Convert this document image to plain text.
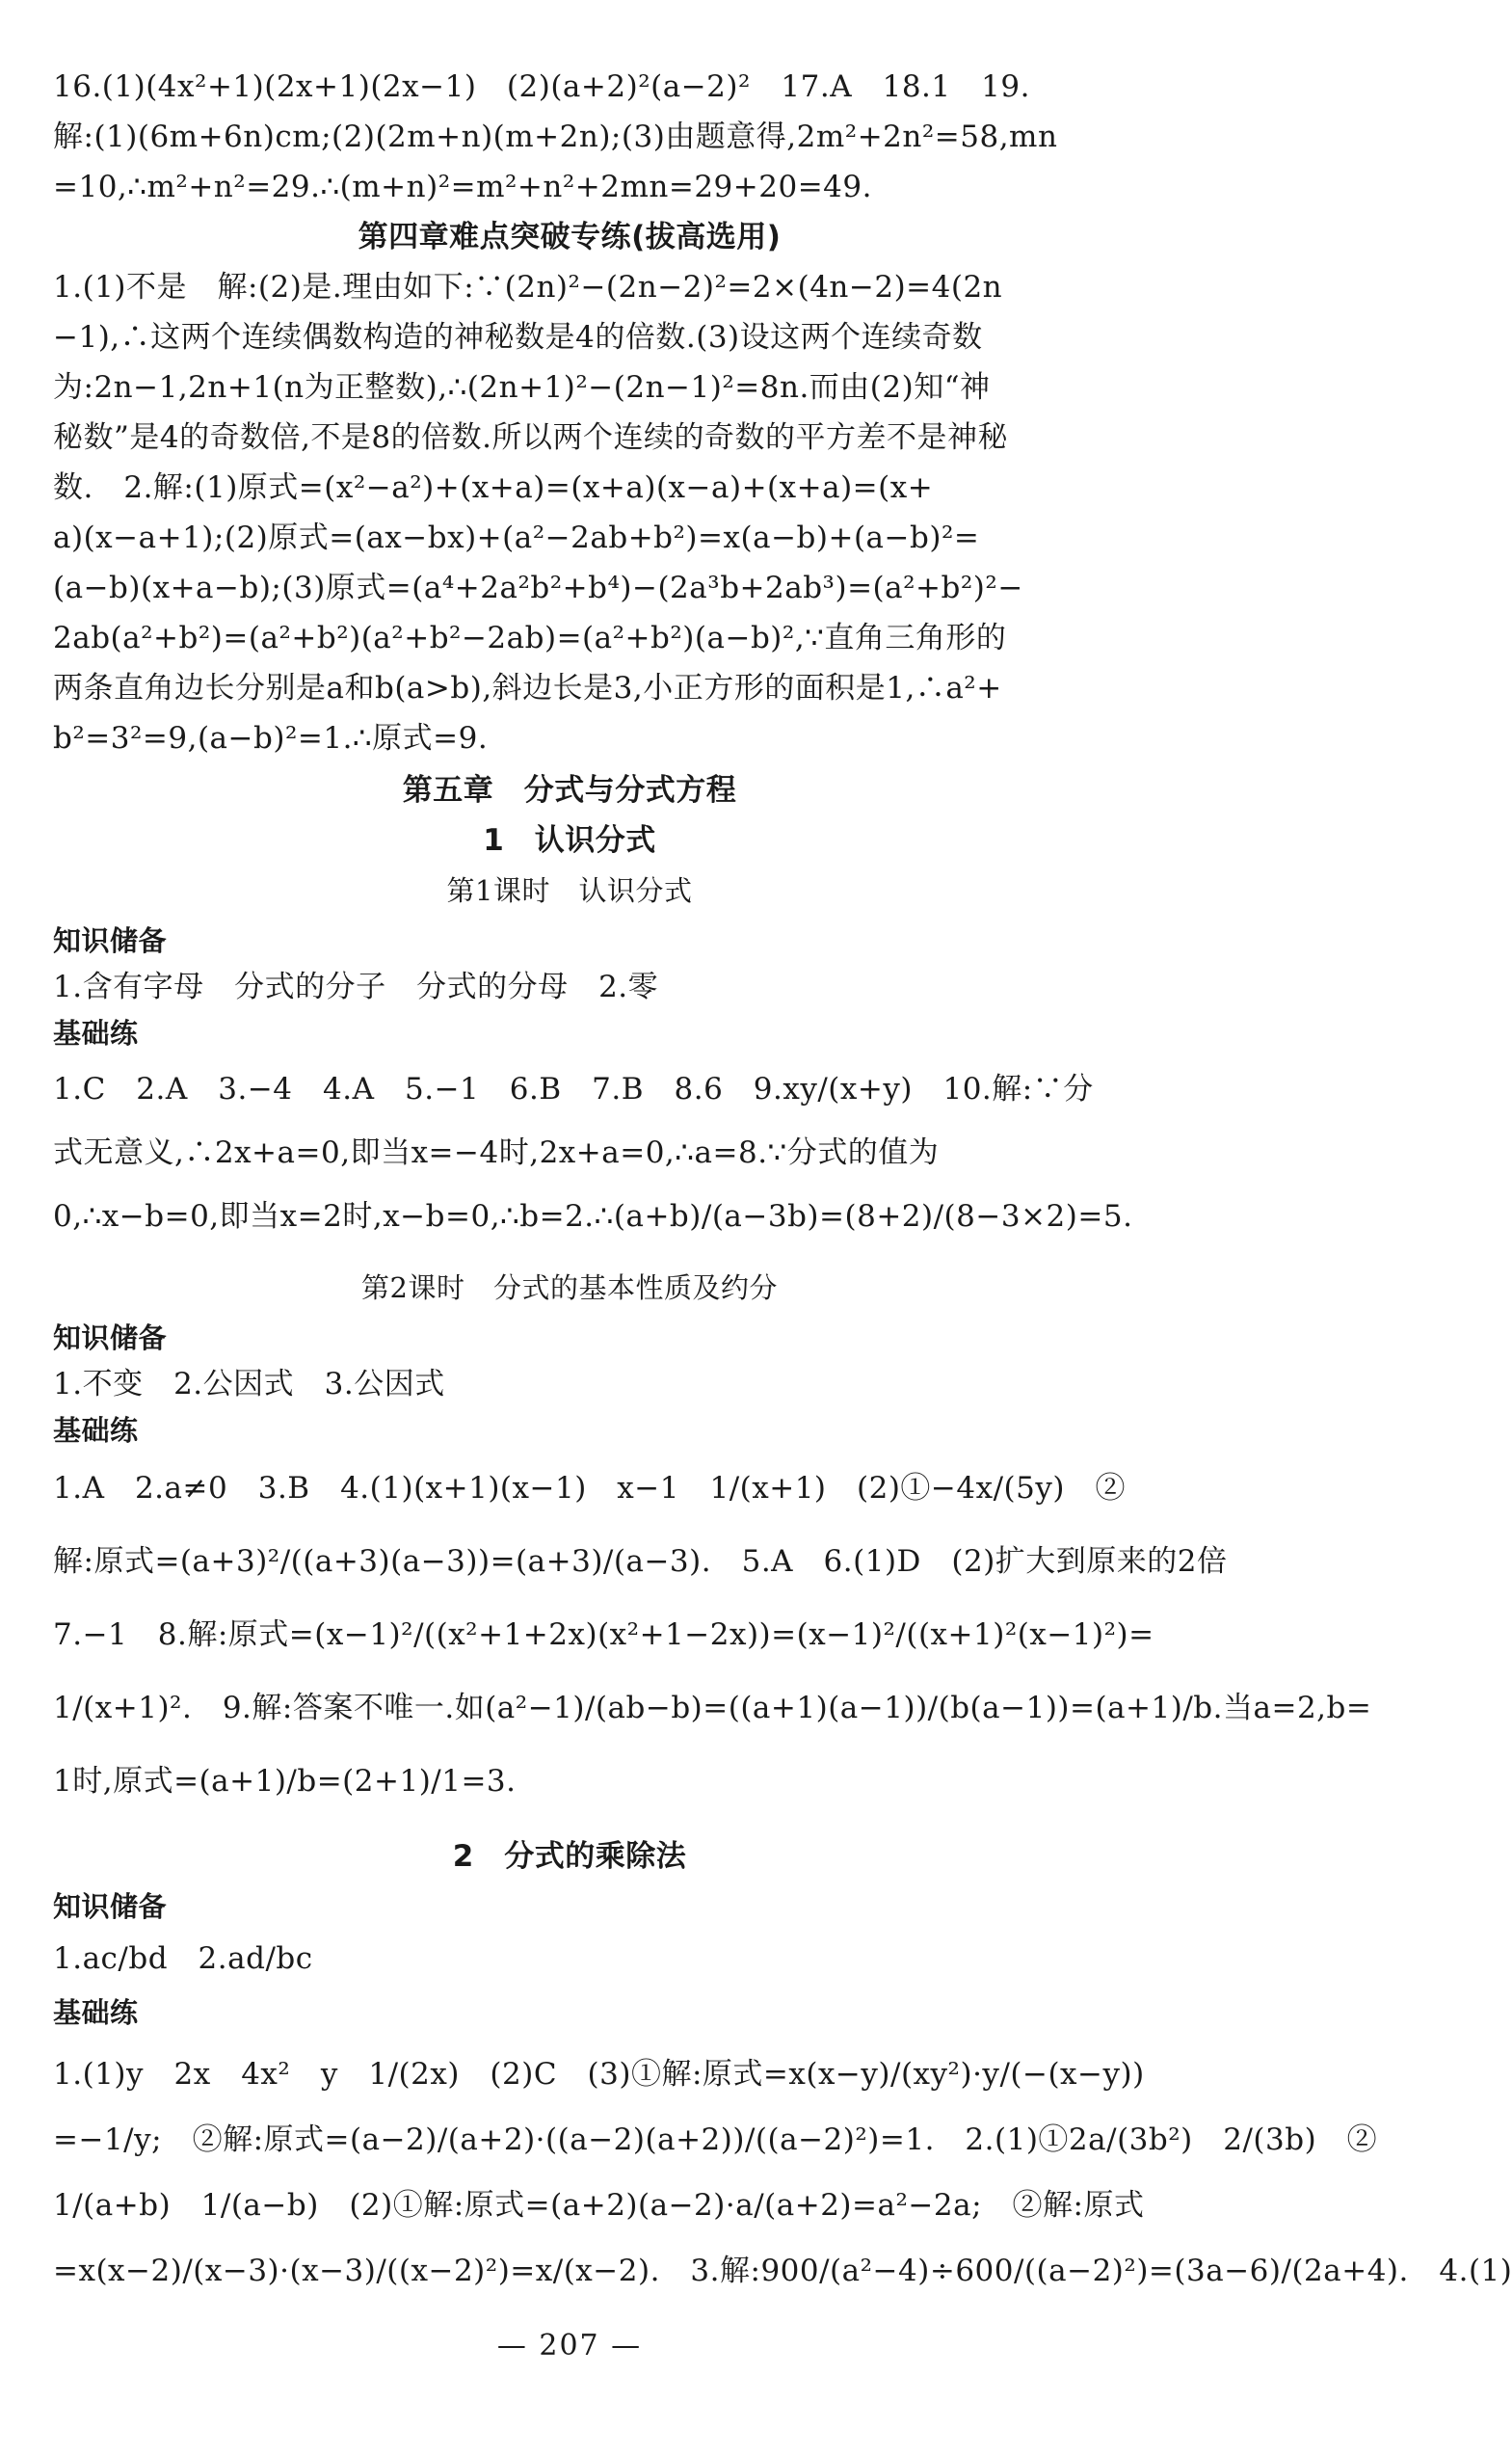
16.(1)(4x²+1)(2x+1)(2x−1)　(2)(a+2)²(a−2)²　17.A　18.1　19.
解:(1)(6m+6n)cm;(2)(2m+n)(m+2n);(3)由题意得,2m²+2n²=58,mn
=10,∴m²+n²=29.∴(m+n)²=m²+n²+2mn=29+20=49.
第四章难点突破专练(拔高选用)
1.(1)不是　解:(2)是.理由如下:∵(2n)²−(2n−2)²=2×(4n−2)=4(2n
−1),∴这两个连续偶数构造的神秘数是4的倍数.(3)设这两个连续奇数
为:2n−1,2n+1(n为正整数),∴(2n+1)²−(2n−1)²=8n.而由(2)知“神
秘数”是4的奇数倍,不是8的倍数.所以两个连续的奇数的平方差不是神秘
数.　2.解:(1)原式=(x²−a²)+(x+a)=(x+a)(x−a)+(x+a)=(x+
a)(x−a+1);(2)原式=(ax−bx)+(a²−2ab+b²)=x(a−b)+(a−b)²=
(a−b)(x+a−b);(3)原式=(a⁴+2a²b²+b⁴)−(2a³b+2ab³)=(a²+b²)²−
2ab(a²+b²)=(a²+b²)(a²+b²−2ab)=(a²+b²)(a−b)²,∵直角三角形的
两条直角边长分别是a和b(a>b),斜边长是3,小正方形的面积是1,∴a²+
b²=3²=9,(a−b)²=1.∴原式=9.
第五章　分式与分式方程
1　认识分式
第1课时　认识分式
知识储备
1.含有字母　分式的分子　分式的分母　2.零
基础练
1.C　2.A　3.−4　4.A　5.−1　6.B　7.B　8.6　9.xy/(x+y)　10.解:∵分
式无意义,∴2x+a=0,即当x=−4时,2x+a=0,∴a=8.∵分式的值为
0,∴x−b=0,即当x=2时,x−b=0,∴b=2.∴(a+b)/(a−3b)=(8+2)/(8−3×2)=5.
第2课时　分式的基本性质及约分
知识储备
1.不变　2.公因式　3.公因式
基础练
1.A　2.a≠0　3.B　4.(1)(x+1)(x−1)　x−1　1/(x+1)　(2)①−4x/(5y)　②
解:原式=(a+3)²/((a+3)(a−3))=(a+3)/(a−3).　5.A　6.(1)D　(2)扩大到原来的2倍
7.−1　8.解:原式=(x−1)²/((x²+1+2x)(x²+1−2x))=(x−1)²/((x+1)²(x−1)²)=
1/(x+1)².　9.解:答案不唯一.如(a²−1)/(ab−b)=((a+1)(a−1))/(b(a−1))=(a+1)/b.当a=2,b=
1时,原式=(a+1)/b=(2+1)/1=3.
2　分式的乘除法
知识储备
1.ac/bd　2.ad/bc
基础练
1.(1)y　2x　4x²　y　1/(2x)　(2)C　(3)①解:原式=x(x−y)/(xy²)·y/(−(x−y))
=−1/y;　②解:原式=(a−2)/(a+2)·((a−2)(a+2))/((a−2)²)=1.　2.(1)①2a/(3b²)　2/(3b)　②
1/(a+b)　1/(a−b)　(2)①解:原式=(a+2)(a−2)·a/(a+2)=a²−2a;　②解:原式
=x(x−2)/(x−3)·(x−3)/((x−2)²)=x/(x−2).　3.解:900/(a²−4)÷600/((a−2)²)=(3a−6)/(2a+4).　4.(1)
— 207 —
